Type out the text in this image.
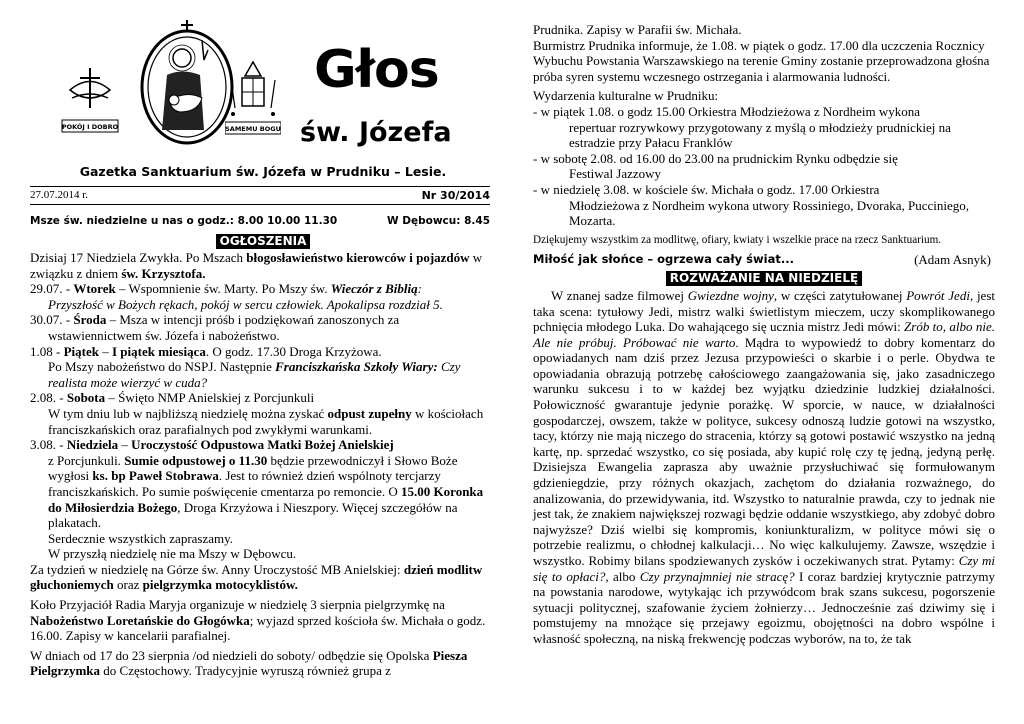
POKÓJ I DOBRO	SAMEMU BOGU
Głos
św. Józefa
Gazetka Sanktuarium św. Józefa w Prudniku – Lesie.
27.07.2014 r.	Nr 30/2014
Msze św. niedzielne u nas o godz.: 8.00 10.00 11.30	W Dębowcu: 8.45
OGŁOSZENIA

Dzisiaj 17 Niedziela Zwykła. Po Mszach błogosławieństwo kierowców i pojazdów w związku z dniem św. Krzysztofa.

29.07. - Wtorek – Wspomnienie św. Marty. Po Mszy św. Wieczór z Biblią:

Przyszłość w Bożych rękach, pokój w sercu człowiek. Apokalipsa rozdział 5.

30.07. - Środa – Msza w intencji próśb i podziękowań zanoszonych za wstawiennictwem św. Józefa i nabożeństwo.

1.08 - Piątek – I piątek miesiąca. O godz. 17.30 Droga Krzyżowa.

Po Mszy nabożeństwo do NSPJ. Następnie Franciszkańska Szkoły Wiary: Czy realista może wierzyć w cuda?

2.08. - Sobota – Święto NMP Anielskiej z Porcjunkuli

W tym dniu lub w najbliższą niedzielę można zyskać odpust zupełny w kościołach franciszkańskich oraz parafialnych pod zwykłymi warunkami.

3.08. - Niedziela – Uroczystość Odpustowa Matki Bożej Anielskiej

z Porcjunkuli. Sumie odpustowej o 11.30 będzie przewodniczył i Słowo Boże wygłosi ks. bp Paweł Stobrawa. Jest to również dzień wspólnoty tercjarzy franciszkańskich. Po sumie poświęcenie cmentarza po remoncie. O 15.00 Koronka do Miłosierdzia Bożego, Droga Krzyżowa i Nieszpory. Więcej szczegółów na plakatach.

Serdecznie wszystkich zapraszamy.

W przyszłą niedzielę nie ma Mszy w Dębowcu.

Za tydzień w niedzielę na Górze św. Anny Uroczystość MB Anielskiej: dzień modlitw głuchoniemych oraz pielgrzymka motocyklistów.

Koło Przyjaciół Radia Maryja organizuje w niedzielę 3 sierpnia pielgrzymkę na Nabożeństwo Loretańskie do Głogówka; wyjazd sprzed kościoła św. Michała o godz. 16.00. Zapisy w kancelarii parafialnej.

W dniach od 17 do 23 sierpnia /od niedzieli do soboty/ odbędzie się Opolska Piesza Pielgrzymka do Częstochowy. Tradycyjnie wyruszą również grupa z

Prudnika. Zapisy w Parafii św. Michała.

Burmistrz Prudnika informuje, że 1.08. w piątek o godz. 17.00 dla uczczenia Rocznicy Wybuchu Powstania Warszawskiego na terenie Gminy zostanie przeprowadzona głośna próba syren systemu wczesnego ostrzegania i alarmowania ludności.

Wydarzenia kulturalne w Prudniku:

- w piątek 1.08. o godz 15.00 Orkiestra Młodzieżowa z Nordheim wykona

repertuar rozrywkowy przygotowany z myślą o młodzieży prudnickiej na estradzie przy Pałacu Franklów

- w sobotę 2.08. od 16.00 do 23.00 na prudnickim Rynku odbędzie się

Festiwal Jazzowy

- w niedzielę 3.08. w kościele św. Michała o godz. 17.00 Orkiestra

Młodzieżowa z Nordheim wykona utwory Rossiniego, Dvoraka, Pucciniego, Mozarta.

Dziękujemy wszystkim za modlitwę, ofiary, kwiaty i wszelkie prace na rzecz Sanktuarium.

Miłość jak słońce – ogrzewa cały świat...	(Adam Asnyk)
ROZWAŻANIE NA NIEDZIELĘ

W znanej sadze filmowej Gwiezdne wojny, w części zatytułowanej Powrót Jedi, jest taka scena: tytułowy Jedi, mistrz walki świetlistym mieczem, uczy skomplikowanego pchnięcia młodego Luka. Do wahającego się ucznia mistrz Jedi mówi: Zrób to, albo nie. Ale nie próbuj. Próbować nie warto. Mądra to wypowiedź to dobry komentarz do opowiadanych nam dziś przez Jezusa przypowieści o skarbie i o perle. Obydwa te opowiadania obrazują potrzebę całościowego zaangażowania się, jako zasadniczego warunku sukcesu i to w każdej bez wyjątku dziedzinie ludzkiej działalności. Połowiczność gwarantuje jedynie porażkę. W sporcie, w nauce, w działalności gospodarczej, owszem, także w polityce, sukcesy odnoszą ludzie gotowi na wszystko, tacy, którzy nie mają niczego do stracenia, którzy są gotowi postawić wszystko na jedną kartę, np. sprzedać wszystko, co się posiada, aby kupić rolę czy tę jedną, jedyną perłę. Dzisiejsza Ewangelia zaprasza aby uważnie przysłuchiwać się formułowanym gdzieniegdzie, przy różnych okazjach, zachętom do działania rozważnego, do analizowania, do przewidywania, itd. Wszystko to naturalnie prawda, czy to jednak nie jest tak, że znakiem największej rozwagi będzie oddanie wszystkiego, aby zdobyć dobro najwyższe? Dziś wielbi się kompromis, koniunkturalizm, w polityce mówi się o potrzebie realizmu, o chłodnej kalkulacji… No więc kalkulujemy. Zawsze, wszędzie i wszystko. Robimy bilans spodziewanych zysków i oczekiwanych strat. Pytamy: Czy mi się to opłaci?, albo Czy przynajmniej nie stracę? I coraz bardziej krytycznie patrzymy na powstania narodowe, wytykając ich przywódcom brak szans sukcesu, pogorszenie sytuacji politycznej, szafowanie życiem żołnierzy… Jednocześnie zaś dziwimy się i pomstujemy na mnożące się przejawy egoizmu, obojętności na dobro wspólne i własność społeczną, na niską frekwencję podczas wyborów, na to, że tak
